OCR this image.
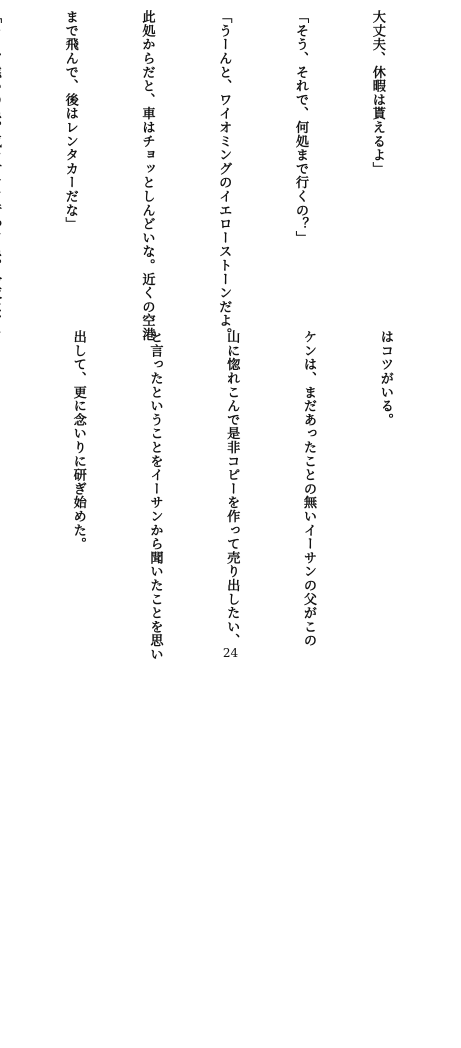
大丈夫、休暇は貰えるよ」

「そう、それで、何処まで行くの？」

「うーんと、ワイオミングのイエローストーンだよ。

此処からだと、車はチョッとしんどいな。近くの空港

まで飛んで、後はレンタカーだな」

はコツがいる。

ケンは、まだあったことの無いイーサンの父がこの

山に惚れこんで是非コピーを作って売り出したい、

と言ったということをイーサンから聞いたことを思い

出して、更に念いりに研ぎ始めた。

24
